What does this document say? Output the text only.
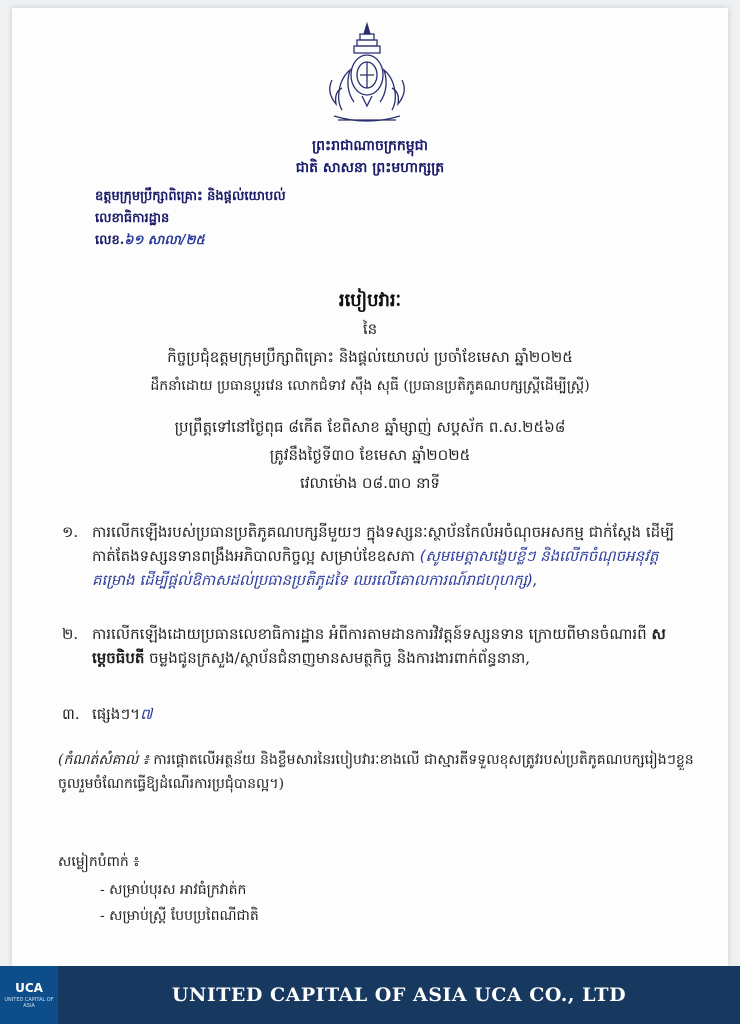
ព្រះរាជាណាចក្រកម្ពុជា
ជាតិ សាសនា ព្រះមហាក្សត្រ
ឧត្តមក្រុមប្រឹក្សាពិគ្រោះ និងផ្តល់យោបល់
លេខាធិការដ្ឋាន
លេខ.៦១ សាលា/២៥
របៀបវារៈ
នៃ
កិច្ចប្រជុំឧត្តមក្រុមប្រឹក្សាពិគ្រោះ និងផ្តល់យោបល់ ប្រចាំខែមេសា ឆ្នាំ២០២៥
ដឹកនាំដោយ ប្រធានប្តូរវេន លោកជំទាវ ស៊ឹង សុធី (ប្រធានប្រតិភូគណបក្សស្ត្រីដើម្បីស្ត្រី)
ប្រព្រឹត្តទៅនៅថ្ងៃពុធ ៨កើត ខែពិសាខ ឆ្នាំម្សាញ់ សប្តស័ក ព.ស.២៥៦៨
ត្រូវនឹងថ្ងៃទី៣០ ខែមេសា ឆ្នាំ២០២៥
វេលាម៉ោង ០៨.៣០ នាទី
១. ការលើកឡើងរបស់ប្រធានប្រតិភូគណបក្សនីមួយៗ ក្នុងទស្សនៈស្ថាប័នកែលំអចំណុចអសកម្ម ជាក់ស្តែង ដើម្បីកាត់តែងទស្សនទានពង្រឹងអភិបាលកិច្ចល្អ សម្រាប់ខែឧសភា (សូមមេត្តាសង្ខេបខ្លីៗ និងលើកចំណុចអនុវត្តគម្រោង ដើម្បីផ្តល់ឱកាសដល់ប្រធានប្រតិភូដទៃ ឈរលើគោលការណ៍រាជហុហក្ស),
២. ការលើកឡើងដោយប្រធានលេខាធិការដ្ឋាន អំពីការតាមដានការវិវត្តន៍ទស្សនទាន ក្រោយពីមានចំណារពី សម្តេចធិបតី ចម្លងជូនក្រសួង/ស្ថាប័នជំនាញមានសមត្ថកិច្ច និងការងារពាក់ព័ន្ធនានា,
៣. ផ្សេងៗ។៧
(កំណត់សំគាល់ ៖ ការផ្តោតលើអត្ថន័យ និងខ្លឹមសារនៃរបៀបវារៈខាងលើ ជាស្មារតីទទួលខុសត្រូវរបស់ប្រតិភូគណបក្សរៀងៗខ្លួន ចូលរួមចំណែកធ្វើឱ្យដំណើរការប្រជុំបានល្អ។)
សម្លៀកបំពាក់ ៖
- សម្រាប់បុរស អាវធំក្រវាត់ក
- សម្រាប់ស្ត្រី បែបប្រពៃណីជាតិ
UCA
UNITED CAPITAL OF ASIA	UNITED CAPITAL OF ASIA UCA CO., LTD
